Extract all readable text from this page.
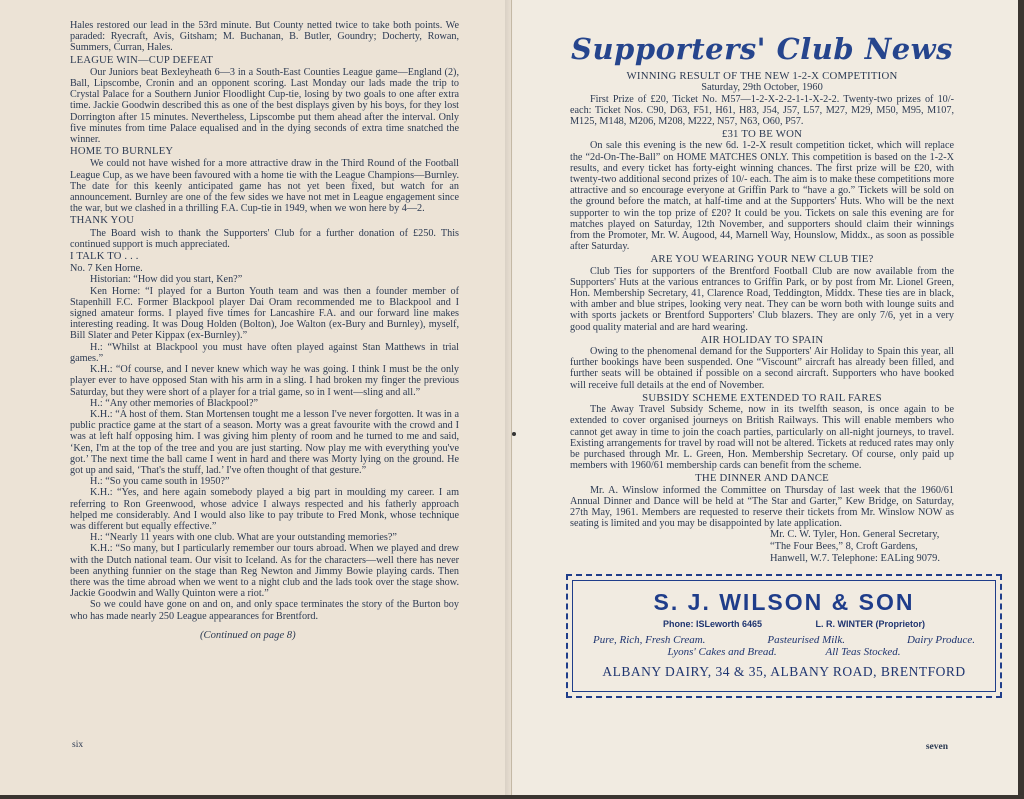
Hales restored our lead in the 53rd minute. But County netted twice to take both points. We paraded: Ryecraft, Avis, Gitsham; M. Buchanan, B. Butler, Goundry; Docherty, Rowan, Summers, Curran, Hales.

LEAGUE WIN—CUP DEFEAT

Our Juniors beat Bexleyheath 6—3 in a South-East Counties League game—England (2), Ball, Lipscombe, Cronin and an opponent scoring. Last Monday our lads made the trip to Crystal Palace for a Southern Junior Floodlight Cup-tie, losing by two goals to one after extra time. Jackie Goodwin described this as one of the best displays given by his boys, for they lost Dorrington after 15 minutes. Nevertheless, Lipscombe put them ahead after the interval. Only five minutes from time Palace equalised and in the dying seconds of extra time snatched the winner.

HOME TO BURNLEY

We could not have wished for a more attractive draw in the Third Round of the Football League Cup, as we have been favoured with a home tie with the League Champions—Burnley. The date for this keenly anticipated game has not yet been fixed, but watch for an announcement. Burnley are one of the few sides we have not met in League engagement since the war, but we clashed in a thrilling F.A. Cup-tie in 1949, when we won here by 4—2.

THANK YOU

The Board wish to thank the Supporters' Club for a further donation of £250. This continued support is much appreciated.

I TALK TO . . .

No. 7 Ken Horne.

Historian: “How did you start, Ken?”

Ken Horne: “I played for a Burton Youth team and was then a founder member of Stapenhill F.C. Former Blackpool player Dai Oram recommended me to Blackpool and I signed amateur forms. I played five times for Lancashire F.A. and our forward line makes interesting reading. It was Doug Holden (Bolton), Joe Walton (ex-Bury and Burnley), myself, Bill Slater and Peter Kippax (ex-Burnley).”

H.: “Whilst at Blackpool you must have often played against Stan Matthews in trial games.”

K.H.: “Of course, and I never knew which way he was going. I think I must be the only player ever to have opposed Stan with his arm in a sling. I had broken my finger the previous Saturday, but they were short of a player for a trial game, so in I went—sling and all.”

H.: “Any other memories of Blackpool?”

K.H.: “A host of them. Stan Mortensen tought me a lesson I've never forgotten. It was in a public practice game at the start of a season. Morty was a great favourite with the crowd and I was at left half opposing him. I was giving him plenty of room and he turned to me and said, ‘Ken, I'm at the top of the tree and you are just starting. Now play me with everything you've got.’ The next time the ball came I went in hard and there was Morty lying on the ground. He got up and said, ‘That's the stuff, lad.’ I've often thought of that gesture.”

H.: “So you came south in 1950?”

K.H.: “Yes, and here again somebody played a big part in moulding my career. I am referring to Ron Greenwood, whose advice I always respected and his fatherly approach helped me considerably. And I would also like to pay tribute to Fred Monk, whose technique was different but equally effective.”

H.: “Nearly 11 years with one club. What are your outstanding memories?”

K.H.: “So many, but I particularly remember our tours abroad. When we played and drew with the Dutch national team. Our visit to Iceland. As for the characters—well there has never been anything funnier on the stage than Reg Newton and Jimmy Bowie playing cards. Then there was the time abroad when we went to a night club and the lads took over the stage show. Jackie Goodwin and Wally Quinton were a riot.”

So we could have gone on and on, and only space terminates the story of the Burton boy who has made nearly 250 League appearances for Brentford.

(Continued on page 8)

six
Supporters' Club News

WINNING RESULT OF THE NEW 1-2-X COMPETITION

Saturday, 29th October, 1960

First Prize of £20, Ticket No. M57—1-2-X-2-2-1-1-X-2-2. Twenty-two prizes of 10/- each: Ticket Nos. C90, D63, F51, H61, H83, J54, J57, L57, M27, M29, M50, M95, M107, M125, M148, M206, M208, M222, N57, N63, O60, P57.

£31 TO BE WON

On sale this evening is the new 6d. 1-2-X result competition ticket, which will replace the “2d-On-The-Ball” on HOME MATCHES ONLY. This competition is based on the 1-2-X results, and every ticket has forty-eight winning chances. The first prize will be £20, with twenty-two additional second prizes of 10/- each. The aim is to make these competitions more attractive and so encourage everyone at Griffin Park to “have a go.” Tickets will be sold on the ground before the match, at half-time and at the Supporters' Huts. Who will be the next supporter to win the top prize of £20? It could be you. Tickets on sale this evening are for matches played on Saturday, 12th November, and supporters should claim their winnings from the Promoter, Mr. W. Augood, 44, Marnell Way, Hounslow, Middx., as soon as possible after Saturday.

ARE YOU WEARING YOUR NEW CLUB TIE?

Club Ties for supporters of the Brentford Football Club are now available from the Supporters' Huts at the various entrances to Griffin Park, or by post from Mr. Lionel Green, Hon. Membership Secretary, 41, Clarence Road, Teddington, Middx. These ties are in black, with amber and blue stripes, looking very neat. They can be worn both with lounge suits and with sports jackets or Brentford Supporters' Club blazers. They are only 7/6, yet in a very good quality material and are hard wearing.

AIR HOLIDAY TO SPAIN

Owing to the phenomenal demand for the Supporters' Air Holiday to Spain this year, all further bookings have been suspended. One “Viscount” aircraft has already been filled, and further seats will be obtained if possible on a second aircraft. Supporters who have booked will receive full details at the end of November.

SUBSIDY SCHEME EXTENDED TO RAIL FARES

The Away Travel Subsidy Scheme, now in its twelfth season, is once again to be extended to cover organised journeys on British Railways. This will enable members who cannot get away in time to join the coach parties, particularly on all-night journeys, to travel. Existing arrangements for travel by road will not be altered. Tickets at reduced rates may only be purchased through Mr. L. Green, Hon. Membership Secretary. Of course, only paid up members with 1960/61 membership cards can benefit from the scheme.

THE DINNER AND DANCE

Mr. A. Winslow informed the Committee on Thursday of last week that the 1960/61 Annual Dinner and Dance will be held at “The Star and Garter,” Kew Bridge, on Saturday, 27th May, 1961. Members are requested to reserve their tickets from Mr. Winslow NOW as seating is limited and you may be disappointed by late application.

Mr. C. W. Tyler, Hon. General Secretary,

“The Four Bees,” 8, Croft Gardens,

Hanwell, W.7. Telephone: EALing 9079.

S. J. WILSON & SON
Phone: ISLeworth 6465	L. R. WINTER (Proprietor)
Pure, Rich, Fresh Cream.	Pasteurised Milk.	Dairy Produce.
Lyons' Cakes and Bread.	All Teas Stocked.
ALBANY DAIRY, 34 & 35, ALBANY ROAD, BRENTFORD
seven
